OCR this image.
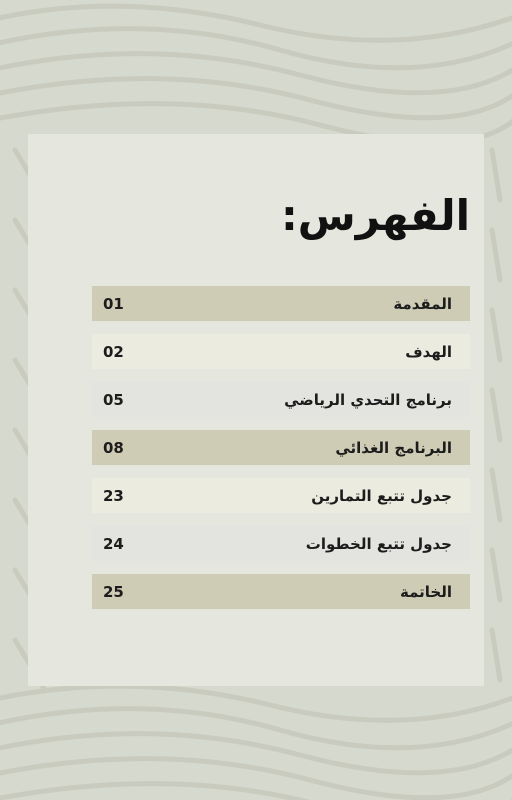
الفهرس:
01	المقدمة
02	الهدف
05	برنامج التحدي الرياضي
08	البرنامج الغذائي
23	جدول تتبع التمارين
24	جدول تتبع الخطوات
25	الخاتمة
